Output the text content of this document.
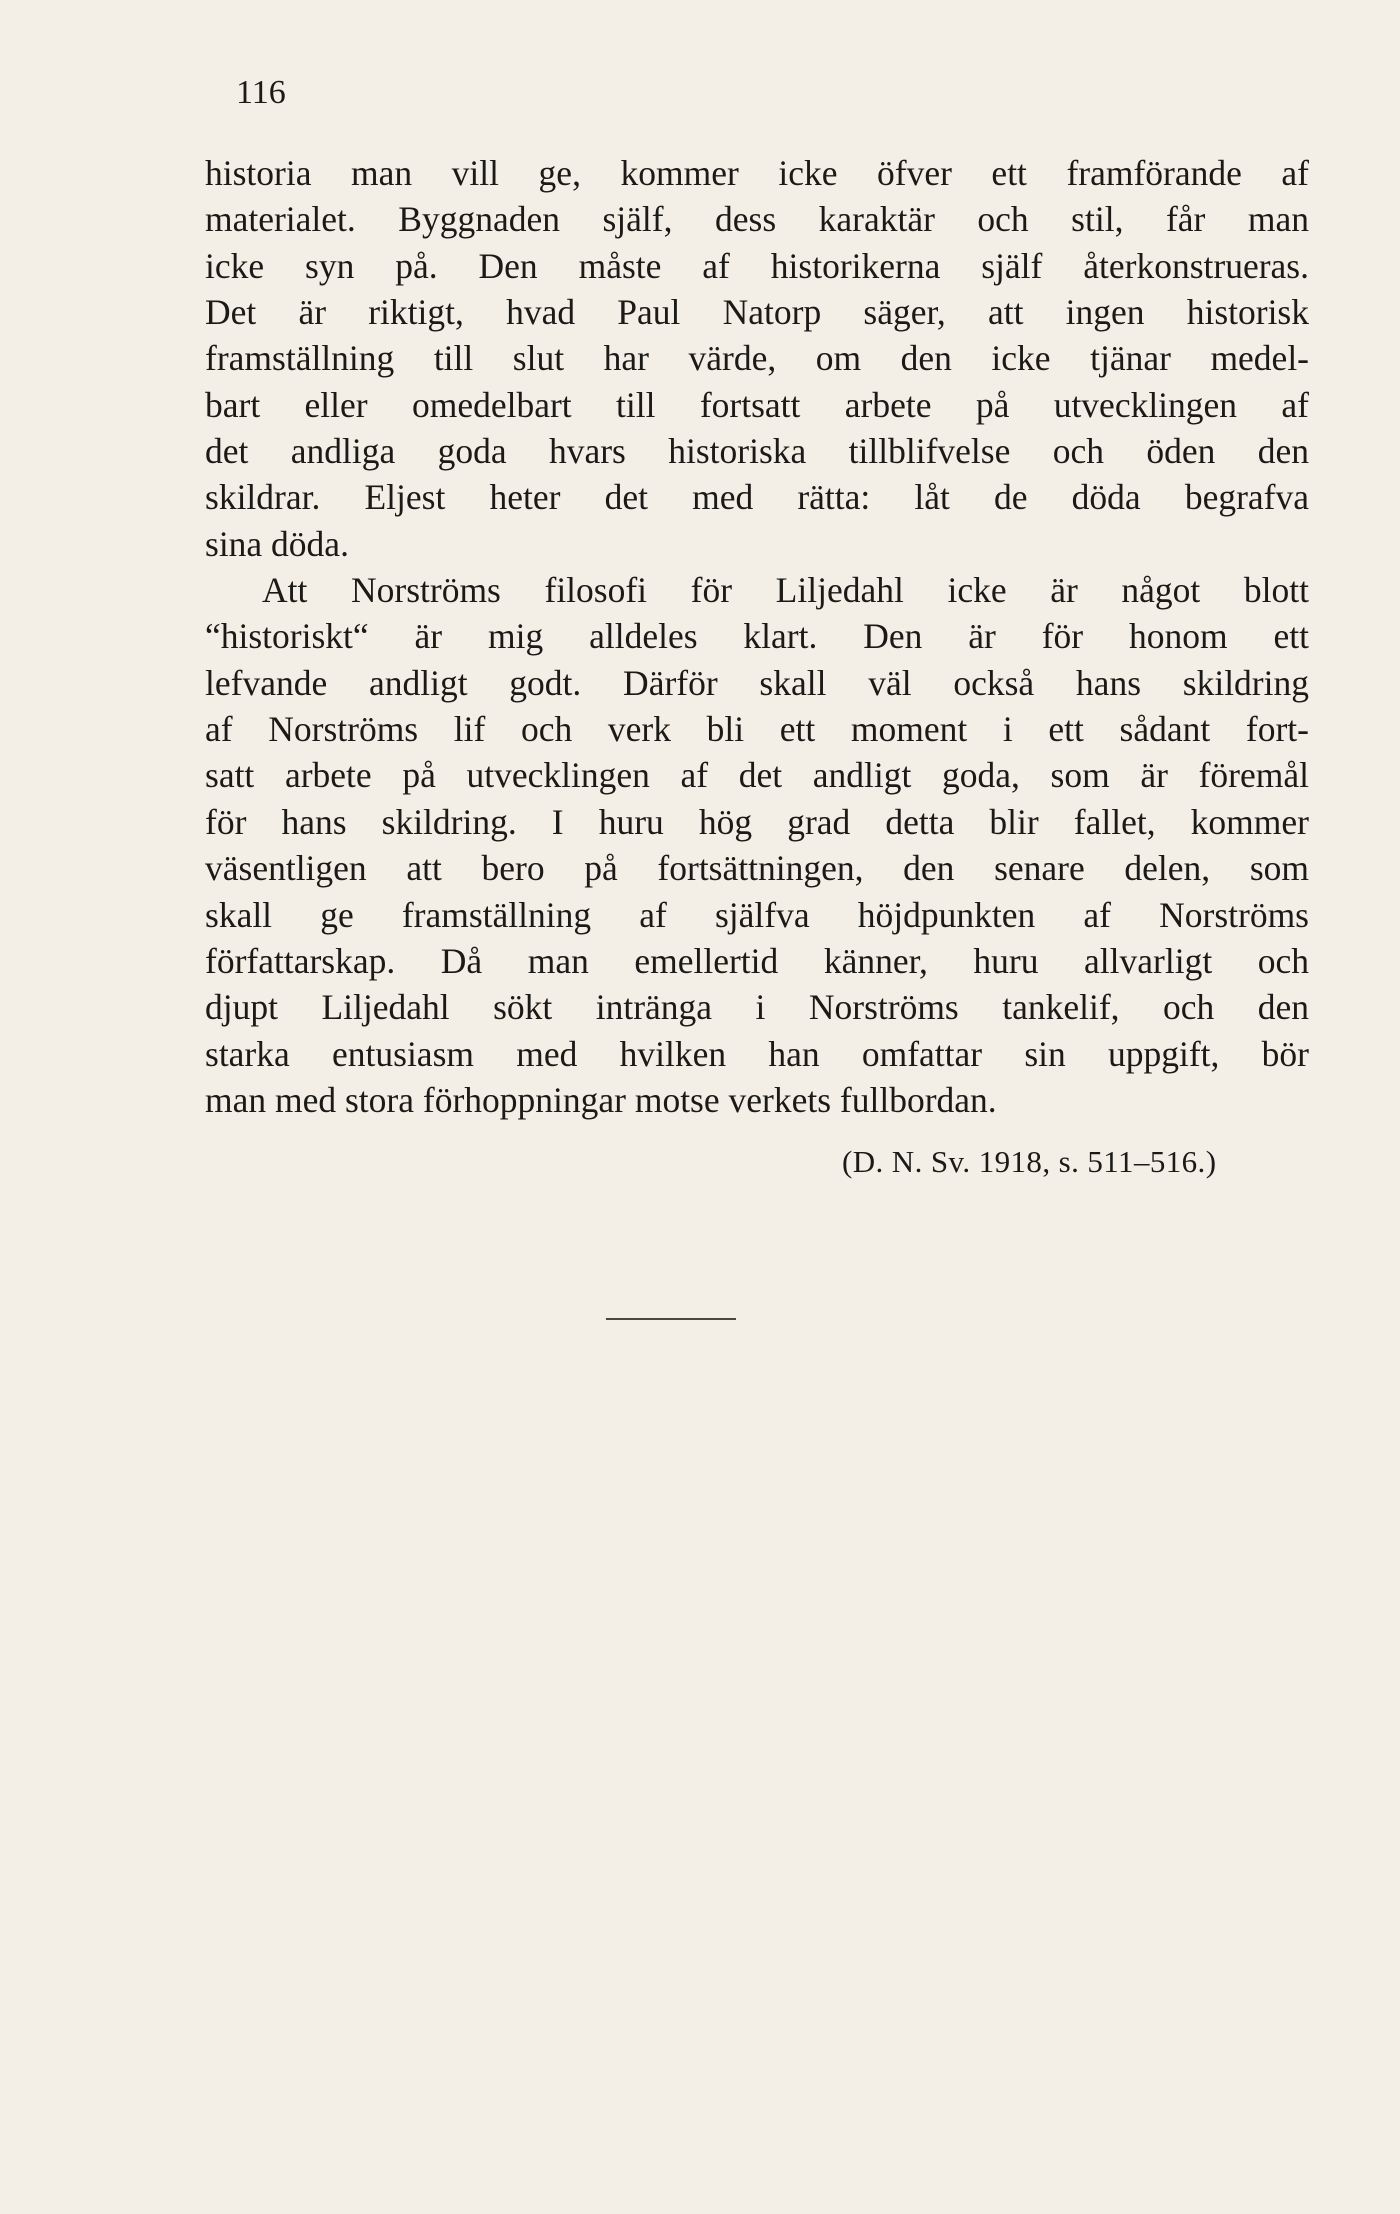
116
historia man vill ge, kommer icke öfver ett framförande af
materialet. Byggnaden själf, dess karaktär och stil, får man
icke syn på. Den måste af historikerna själf återkonstrueras.
Det är riktigt, hvad Paul Natorp säger, att ingen historisk
framställning till slut har värde, om den icke tjänar medel-
bart eller omedelbart till fortsatt arbete på utvecklingen af
det andliga goda hvars historiska tillblifvelse och öden den
skildrar. Eljest heter det med rätta: låt de döda begrafva
sina döda.
Att Norströms filosofi för Liljedahl icke är något blott
“historiskt“ är mig alldeles klart. Den är för honom ett
lefvande andligt godt. Därför skall väl också hans skildring
af Norströms lif och verk bli ett moment i ett sådant fort-
satt arbete på utvecklingen af det andligt goda, som är föremål
för hans skildring. I huru hög grad detta blir fallet, kommer
väsentligen att bero på fortsättningen, den senare delen, som
skall ge framställning af själfva höjdpunkten af Norströms
författarskap. Då man emellertid känner, huru allvarligt och
djupt Liljedahl sökt intränga i Norströms tankelif, och den
starka entusiasm med hvilken han omfattar sin uppgift, bör
man med stora förhoppningar motse verkets fullbordan.
(D. N. Sv. 1918, s. 511–516.)
